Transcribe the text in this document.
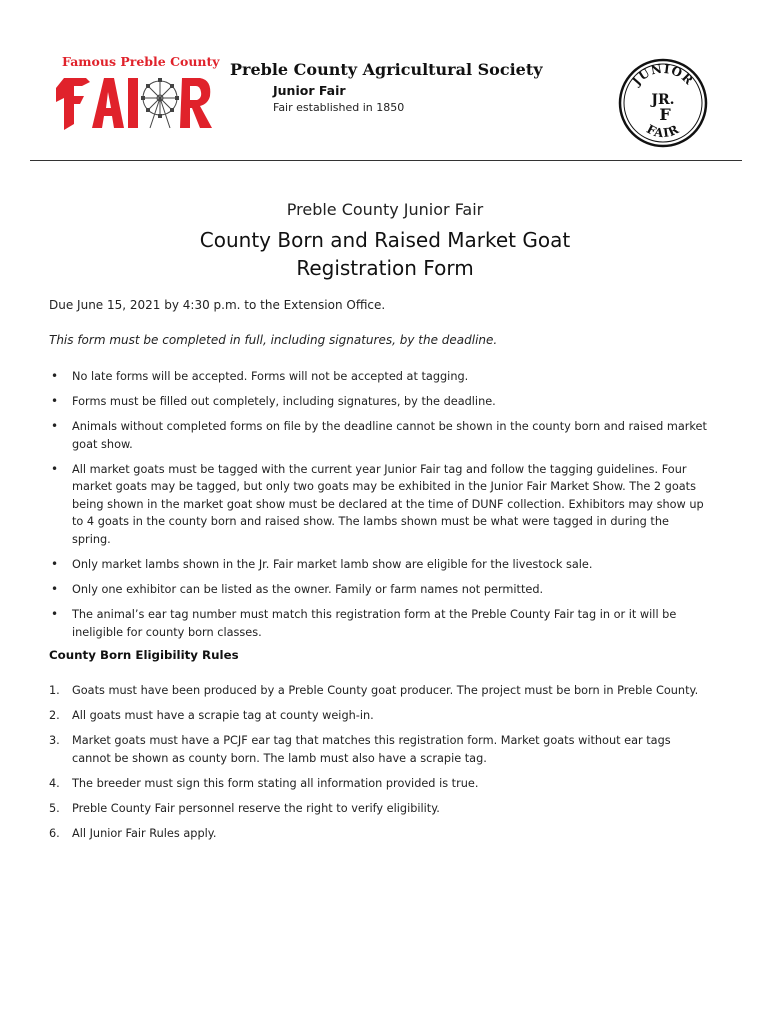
Famous Preble County Preble County Agricultural Society
Junior Fair
Fair established in 1850
JUNIOR
FAIR
JR.
F
Preble County Junior Fair
County Born and Raised Market Goat
Registration Form
Due June 15, 2021 by 4:30 p.m. to the Extension Office.
This form must be completed in full, including signatures, by the deadline.
• No late forms will be accepted. Forms will not be accepted at tagging.
• Forms must be filled out completely, including signatures, by the deadline.
• Animals without completed forms on file by the deadline cannot be shown in the county born and raised market goat show.
• All market goats must be tagged with the current year Junior Fair tag and follow the tagging guidelines. Four market goats may be tagged, but only two goats may be exhibited in the Junior Fair Market Show. The 2 goats being shown in the market goat show must be declared at the time of DUNF collection. Exhibitors may show up to 4 goats in the county born and raised show. The lambs shown must be what were tagged in during the spring.
• Only market lambs shown in the Jr. Fair market lamb show are eligible for the livestock sale.
• Only one exhibitor can be listed as the owner. Family or farm names not permitted.
• The animal’s ear tag number must match this registration form at the Preble County Fair tag in or it will be ineligible for county born classes.
County Born Eligibility Rules
1. Goats must have been produced by a Preble County goat producer. The project must be born in Preble County.
2. All goats must have a scrapie tag at county weigh-in.
3. Market goats must have a PCJF ear tag that matches this registration form. Market goats without ear tags cannot be shown as county born. The lamb must also have a scrapie tag.
4. The breeder must sign this form stating all information provided is true.
5. Preble County Fair personnel reserve the right to verify eligibility.
6. All Junior Fair Rules apply.
